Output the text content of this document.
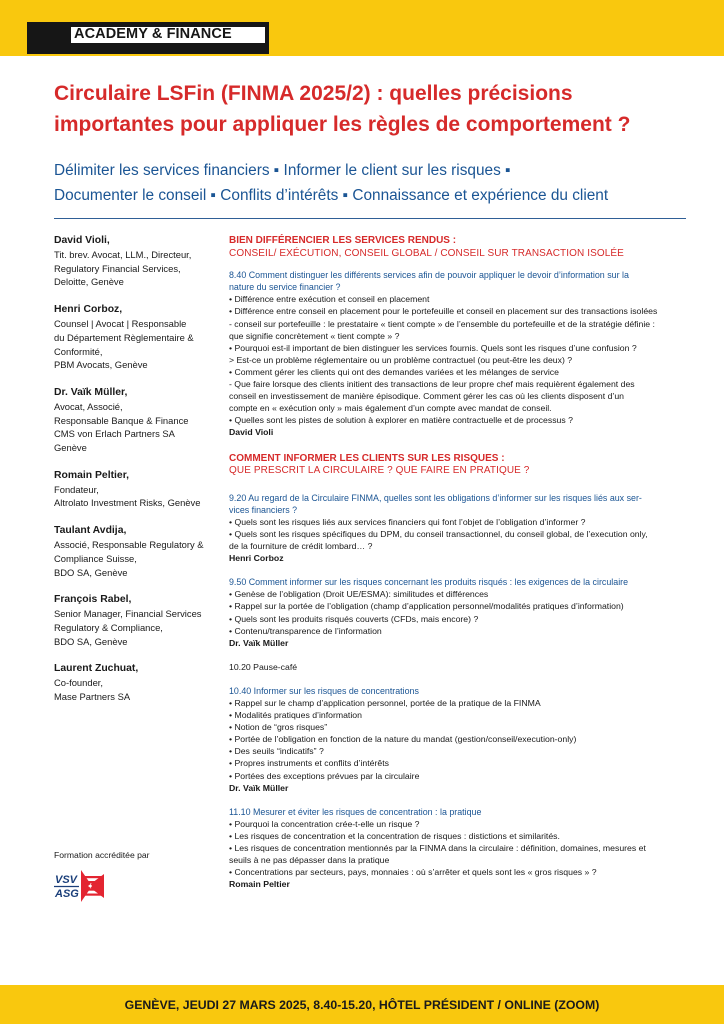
ACADEMY & FINANCE
Circulaire LSFin (FINMA 2025/2) : quelles précisions
importantes pour appliquer les règles de comportement ?
Délimiter les services financiers ▪ Informer le client sur les risques ▪
Documenter le conseil ▪ Conflits d’intérêts ▪ Connaissance et expérience du client
David Violi,
Tit. brev. Avocat, LLM., Directeur,
Regulatory Financial Services,
Deloitte, Genève
Henri Corboz,
Counsel | Avocat | Responsable
du Département Règlementaire &
Conformité,
PBM Avocats, Genève
Dr. Vaïk Müller,
Avocat, Associé,
Responsable Banque & Finance
CMS von Erlach Partners SA
Genève
Romain Peltier,
Fondateur,
Altrolato Investment Risks, Genève
Taulant Avdija,
Associé, Responsable Regulatory &
Compliance Suisse,
BDO SA, Genève
François Rabel,
Senior Manager, Financial Services
Regulatory & Compliance,
BDO SA, Genève
Laurent Zuchuat,
Co-founder,
Mase Partners SA
Formation accréditée par
VSV
ASG
BIEN DIFFÉRENCIER LES SERVICES RENDUS :
CONSEIL/ EXÉCUTION, CONSEIL GLOBAL / CONSEIL SUR TRANSACTION ISOLÉE
8.40 Comment distinguer les différents services afin de pouvoir appliquer le devoir d’information sur la
nature du service financier ?
• Différence entre exécution et conseil en placement
• Différence entre conseil en placement pour le portefeuille et conseil en placement sur des transactions isolées
- conseil sur portefeuille : le prestataire « tient compte » de l’ensemble du portefeuille et de la stratégie définie :
que signifie concrètement « tient compte » ?
• Pourquoi est-il important de bien distinguer les services fournis. Quels sont les risques d’une confusion ?
> Est-ce un problème réglementaire ou un problème contractuel (ou peut-être les deux) ?
• Comment gérer les clients qui ont des demandes variées et les mélanges de service
- Que faire lorsque des clients initient des transactions de leur propre chef mais requièrent également des
conseil en investissement de manière épisodique. Comment gérer les cas où les clients disposent d’un
compte en « exécution only » mais également d’un compte avec mandat de conseil.
• Quelles sont les pistes de solution à explorer en matière contractuelle et de processus ?
David Violi
COMMENT INFORMER LES CLIENTS SUR LES RISQUES :
QUE PRESCRIT LA CIRCULAIRE ? QUE FAIRE EN PRATIQUE ?
9.20 Au regard de la Circulaire FINMA, quelles sont les obligations d’informer sur les risques liés aux ser-
vices financiers ?
• Quels sont les risques liés aux services financiers qui font l’objet de l’obligation d’informer ?
• Quels sont les risques spécifiques du DPM, du conseil transactionnel, du conseil global, de l’execution only,
de la fourniture de crédit lombard… ?
Henri Corboz
9.50 Comment informer sur les risques concernant les produits risqués : les exigences de la circulaire
• Genèse de l’obligation (Droit UE/ESMA): similitudes et différences
• Rappel sur la portée de l’obligation (champ d’application personnel/modalités pratiques d’information)
• Quels sont les produits risqués couverts (CFDs, mais encore) ?
• Contenu/transparence de l’information
Dr. Vaïk Müller
10.20 Pause-café
10.40 Informer sur les risques de concentrations
• Rappel sur le champ d’application personnel, portée de la pratique de la FINMA
• Modalités pratiques d’information
• Notion de “gros risques”
• Portée de l’obligation en fonction de la nature du mandat (gestion/conseil/execution-only)
• Des seuils “indicatifs” ?
• Propres instruments et conflits d’intérêts
• Portées des exceptions prévues par la circulaire
Dr. Vaïk Müller
11.10 Mesurer et éviter les risques de concentration : la pratique
• Pourquoi la concentration crée-t-elle un risque ?
• Les risques de concentration et la concentration de risques : distictions et similarités.
• Les risques de concentration mentionnés par la FINMA dans la circulaire : définition, domaines, mesures et
seuils à ne pas dépasser dans la pratique
• Concentrations par secteurs, pays, monnaies : où s’arrêter et quels sont les « gros risques » ?
Romain Peltier
GENÈVE, JEUDI 27 MARS 2025, 8.40-15.20, HÔTEL PRÉSIDENT / ONLINE (ZOOM)
